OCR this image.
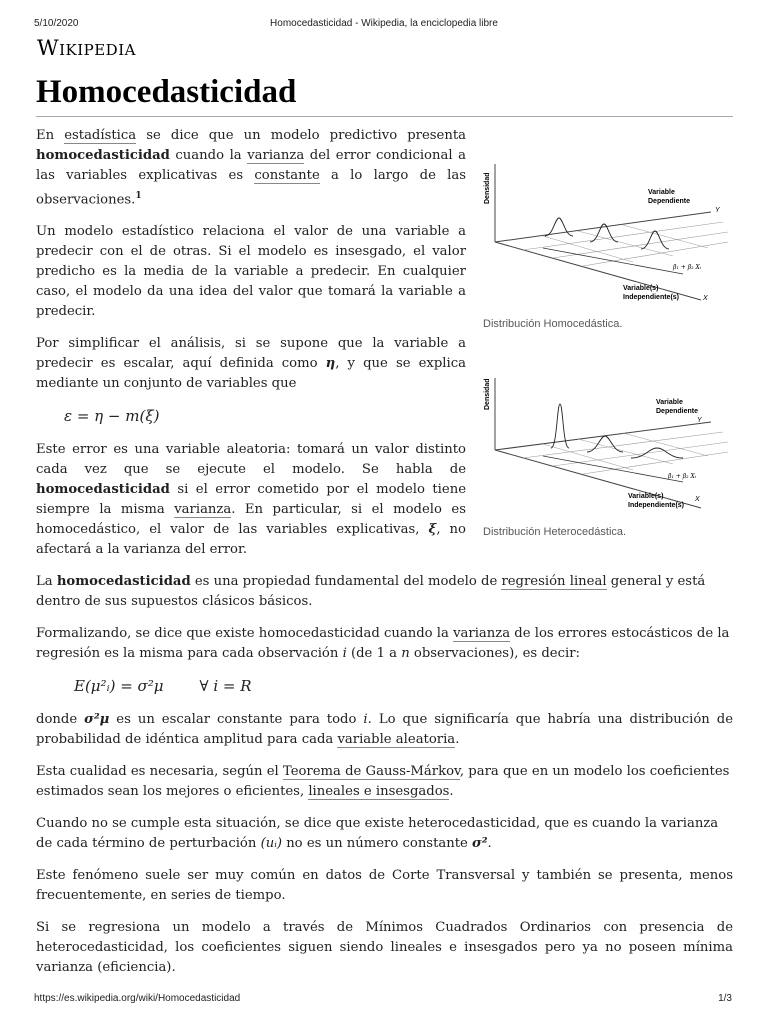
5/10/2020	Homocedasticidad - Wikipedia, la enciclopedia libre
Wikipedia
Homocedasticidad
Densidad	Variable
Dependiente
Y
β₁ + β₂ Xᵢ
Variable(s)
Independiente(s)	X
Distribución Homocedástica.
Densidad	Variable
Dependiente
Y
β₁ + β₂ Xᵢ
Variable(s)
Independiente(s)
X
Distribución Heterocedástica.

En estadística se dice que un modelo predictivo presenta homocedasticidad cuando la varianza del error condicional a las variables explicativas es constante a lo largo de las observaciones.$^1$

Un modelo estadístico relaciona el valor de una variable a predecir con el de otras. Si el modelo es insesgado, el valor predicho es la media de la variable a predecir. En cualquier caso, el modelo da una idea del valor que tomará la variable a predecir.

Por simplificar el análisis, si se supone que la variable a predecir es escalar, aquí definida como η, y que se explica mediante un conjunto de variables que

ε = η − m(ξ)

Este error es una variable aleatoria: tomará un valor distinto cada vez que se ejecute el modelo. Se habla de homocedasticidad si el error cometido por el modelo tiene siempre la misma varianza. En particular, si el modelo es homocedástico, el valor de las variables explicativas, ξ, no afectará a la varianza del error.

La homocedasticidad es una propiedad fundamental del modelo de regresión lineal general y está dentro de sus supuestos clásicos básicos.

Formalizando, se dice que existe homocedasticidad cuando la varianza de los errores estocásticos de la regresión es la misma para cada observación i (de 1 a n observaciones), es decir:

E(μ²ᵢ) = σ²μ ∀ i = R

donde σ²μ es un escalar constante para todo i. Lo que significaría que habría una distribución de probabilidad de idéntica amplitud para cada variable aleatoria.

Esta cualidad es necesaria, según el Teorema de Gauss-Márkov, para que en un modelo los coeficientes estimados sean los mejores o eficientes, lineales e insesgados.

Cuando no se cumple esta situación, se dice que existe heterocedasticidad, que es cuando la varianza de cada término de perturbación (uᵢ) no es un número constante σ².

Este fenómeno suele ser muy común en datos de Corte Transversal y también se presenta, menos frecuentemente, en series de tiempo.

Si se regresiona un modelo a través de Mínimos Cuadrados Ordinarios con presencia de heterocedasticidad, los coeficientes siguen siendo lineales e insesgados pero ya no poseen mínima varianza (eficiencia).

https://es.wikipedia.org/wiki/Homocedasticidad	1/3
